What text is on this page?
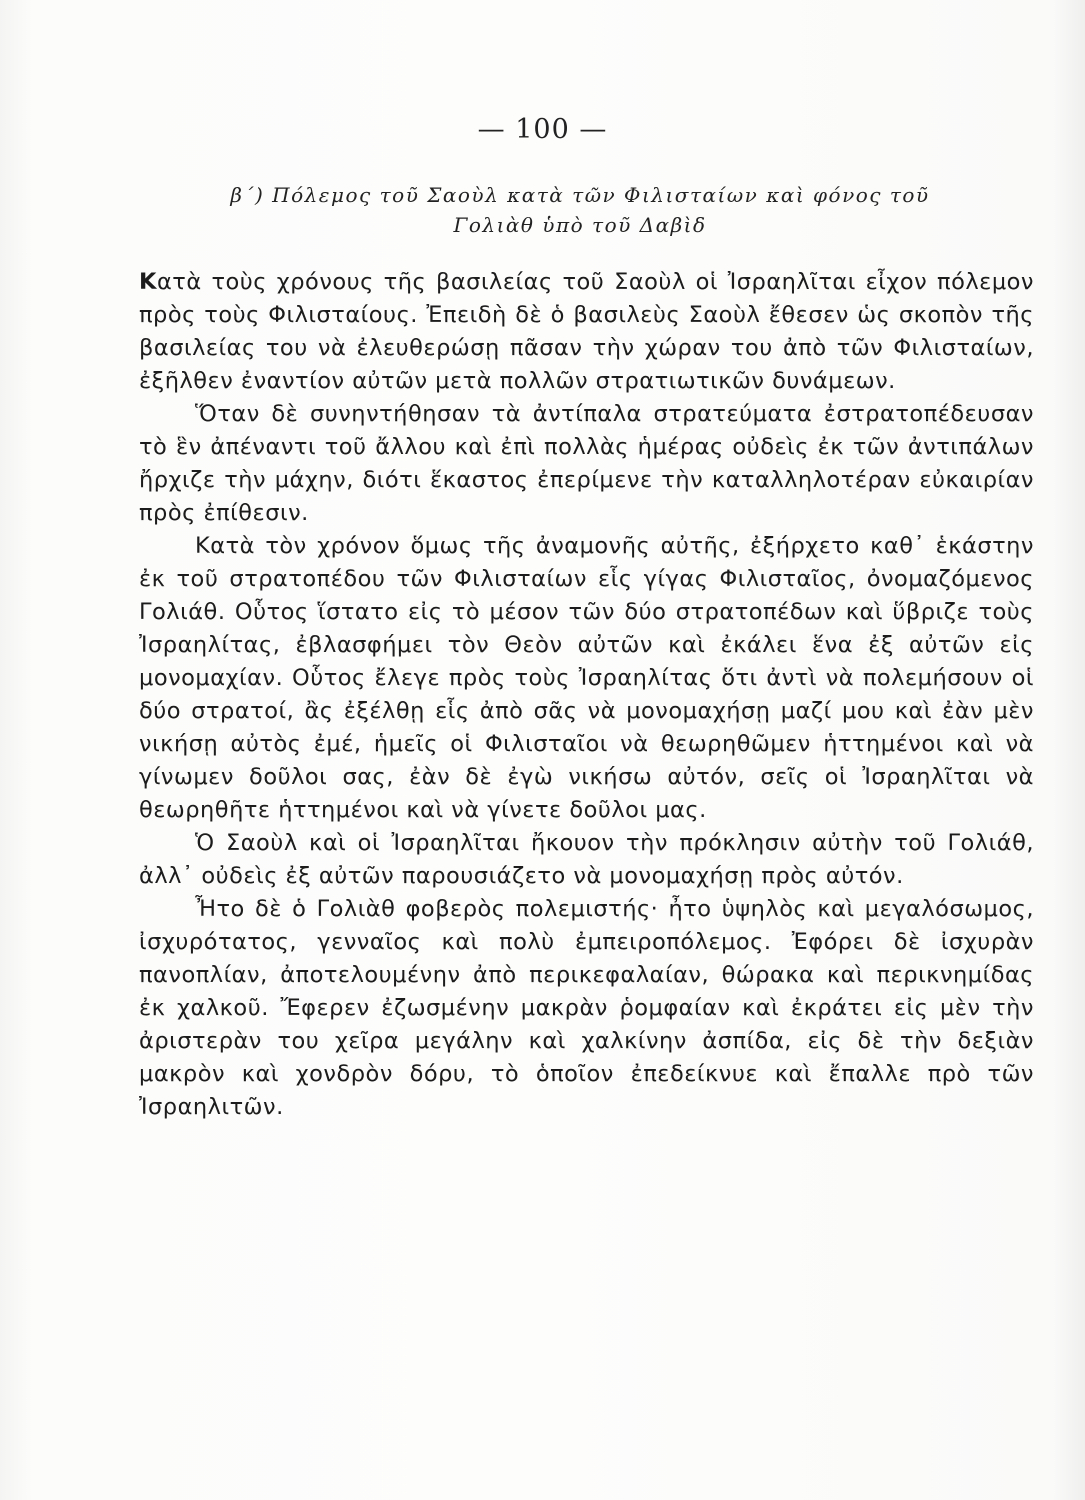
— 100 —
β΄) Πόλεμος τοῦ Σαοὺλ κατὰ τῶν Φιλισταίων καὶ φόνος τοῦ
Γολιὰθ ὑπὸ τοῦ Δαβὶδ

Κατὰ τοὺς χρόνους τῆς βασιλείας τοῦ Σαοὺλ οἱ Ἰσραηλῖται εἶχον πόλεμον πρὸς τοὺς Φιλισταίους. Ἐπειδὴ δὲ ὁ βασιλεὺς Σαοὺλ ἔθεσεν ὡς σκοπὸν τῆς βασιλείας του νὰ ἐλευθερώσῃ πᾶσαν τὴν χώραν του ἀπὸ τῶν Φιλισταίων, ἐξῆλθεν ἐναντίον αὐτῶν μετὰ πολλῶν στρατιωτικῶν δυνάμεων.

Ὅταν δὲ συνηντήθησαν τὰ ἀντίπαλα στρατεύματα ἐστρατοπέδευσαν τὸ ἓν ἀπέναντι τοῦ ἄλλου καὶ ἐπὶ πολλὰς ἡμέρας οὐδεὶς ἐκ τῶν ἀντιπάλων ἤρχιζε τὴν μάχην, διότι ἕκαστος ἐπερίμενε τὴν καταλληλοτέραν εὐκαιρίαν πρὸς ἐπίθεσιν.

Κατὰ τὸν χρόνον ὅμως τῆς ἀναμονῆς αὐτῆς, ἐξήρχετο καθ᾽ ἑκάστην ἐκ τοῦ στρατοπέδου τῶν Φιλισταίων εἷς γίγας Φιλισταῖος, ὀνομαζόμενος Γολιάθ. Οὗτος ἵστατο εἰς τὸ μέσον τῶν δύο στρατοπέδων καὶ ὕβριζε τοὺς Ἰσραηλίτας, ἐβλασφήμει τὸν Θεὸν αὐτῶν καὶ ἐκάλει ἕνα ἐξ αὐτῶν εἰς μονομαχίαν. Οὗτος ἔλεγε πρὸς τοὺς Ἰσραηλίτας ὅτι ἀντὶ νὰ πολεμήσουν οἱ δύο στρατοί, ἂς ἐξέλθῃ εἷς ἀπὸ σᾶς νὰ μονομαχήσῃ μαζί μου καὶ ἐὰν μὲν νικήσῃ αὐτὸς ἐμέ, ἡμεῖς οἱ Φιλισταῖοι νὰ θεωρηθῶμεν ἡττημένοι καὶ νὰ γίνωμεν δοῦλοι σας, ἐὰν δὲ ἐγὼ νικήσω αὐτόν, σεῖς οἱ Ἰσραηλῖται νὰ θεωρηθῆτε ἡττημένοι καὶ νὰ γίνετε δοῦλοι μας.

Ὁ Σαοὺλ καὶ οἱ Ἰσραηλῖται ἤκουον τὴν πρόκλησιν αὐτὴν τοῦ Γολιάθ, ἀλλ᾽ οὐδεὶς ἐξ αὐτῶν παρουσιάζετο νὰ μονομαχήσῃ πρὸς αὐτόν.

Ἦτο δὲ ὁ Γολιὰθ φοβερὸς πολεμιστής· ἦτο ὑψηλὸς καὶ μεγαλόσωμος, ἰσχυρότατος, γενναῖος καὶ πολὺ ἐμπειροπόλεμος. Ἐφόρει δὲ ἰσχυρὰν πανοπλίαν, ἀποτελουμένην ἀπὸ περικεφαλαίαν, θώρακα καὶ περικνημίδας ἐκ χαλκοῦ. Ἔφερεν ἐζωσμένην μακρὰν ῥομφαίαν καὶ ἐκράτει εἰς μὲν τὴν ἀριστερὰν του χεῖρα μεγάλην καὶ χαλκίνην ἀσπίδα, εἰς δὲ τὴν δεξιὰν μακρὸν καὶ χονδρὸν δόρυ, τὸ ὁποῖον ἐπεδείκνυε καὶ ἔπαλλε πρὸ τῶν Ἰσραηλιτῶν.
